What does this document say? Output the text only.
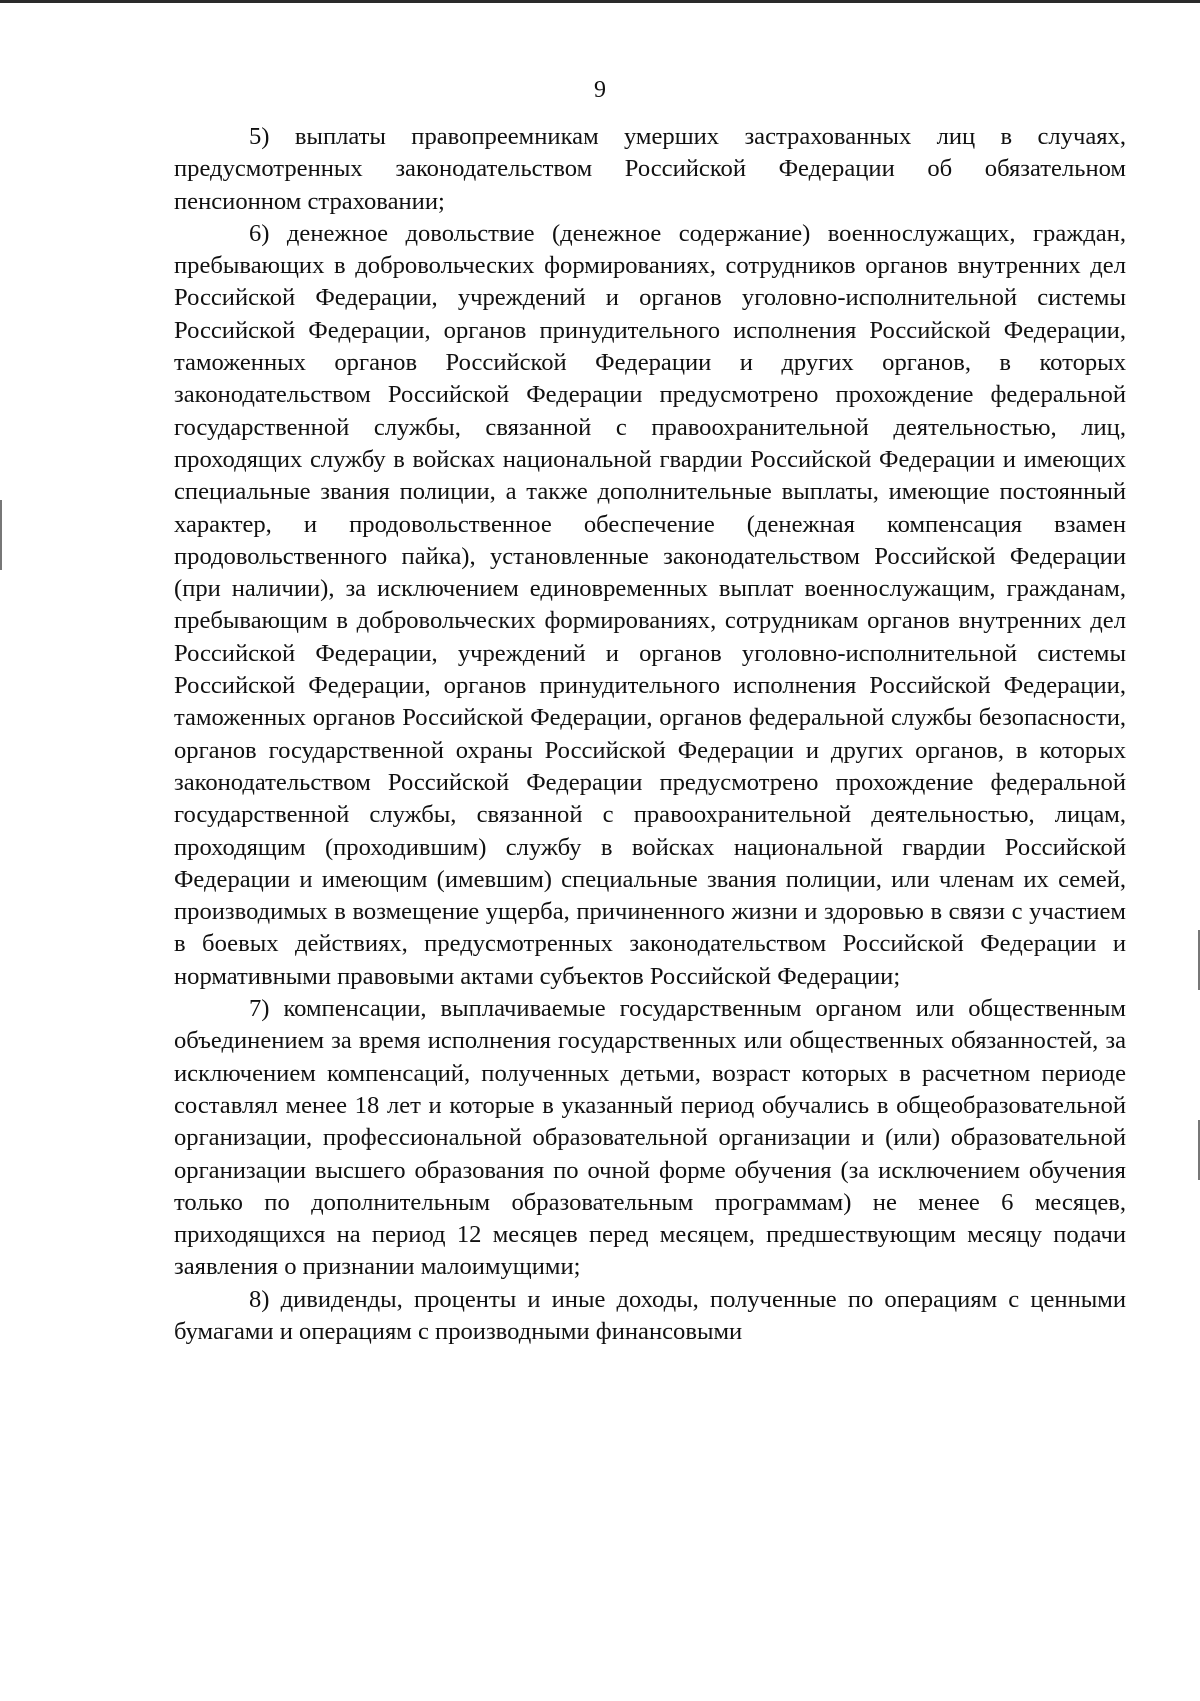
9

5) выплаты правопреемникам умерших застрахованных лиц в случаях, предусмотренных законодательством Российской Федерации об обязательном пенсионном страховании;

6) денежное довольствие (денежное содержание) военнослужащих, граждан, пребывающих в добровольческих формированиях, сотрудников органов внутренних дел Российской Федерации, учреждений и органов уголовно-исполнительной системы Российской Федерации, органов принудительного исполнения Российской Федерации, таможенных органов Российской Федерации и других органов, в которых законодательством Российской Федерации предусмотрено прохождение федеральной государственной службы, связанной с правоохранительной деятельностью, лиц, проходящих службу в войсках национальной гвардии Российской Федерации и имеющих специальные звания полиции, а также дополнительные выплаты, имеющие постоянный характер, и продовольственное обеспечение (денежная компенсация взамен продовольственного пайка), установленные законодательством Российской Федерации (при наличии), за исключением единовременных выплат военнослужащим, гражданам, пребывающим в добровольческих формированиях, сотрудникам органов внутренних дел Российской Федерации, учреждений и органов уголовно-исполнительной системы Российской Федерации, органов принудительного исполнения Российской Федерации, таможенных органов Российской Федерации, органов федеральной службы безопасности, органов государственной охраны Российской Федерации и других органов, в которых законодательством Российской Федерации предусмотрено прохождение федеральной государственной службы, связанной с правоохранительной деятельностью, лицам, проходящим (проходившим) службу в войсках национальной гвардии Российской Федерации и имеющим (имевшим) специальные звания полиции, или членам их семей, производимых в возмещение ущерба, причиненного жизни и здоровью в связи с участием в боевых действиях, предусмотренных законодательством Российской Федерации и нормативными правовыми актами субъектов Российской Федерации;

7) компенсации, выплачиваемые государственным органом или общественным объединением за время исполнения государственных или общественных обязанностей, за исключением компенсаций, полученных детьми, возраст которых в расчетном периоде составлял менее 18 лет и которые в указанный период обучались в общеобразовательной организации, профессиональной образовательной организации и (или) образовательной организации высшего образования по очной форме обучения (за исключением обучения только по дополнительным образовательным программам) не менее 6 месяцев, приходящихся на период 12 месяцев перед месяцем, предшествующим месяцу подачи заявления о признании малоимущими;

8) дивиденды, проценты и иные доходы, полученные по операциям с ценными бумагами и операциям с производными финансовыми
